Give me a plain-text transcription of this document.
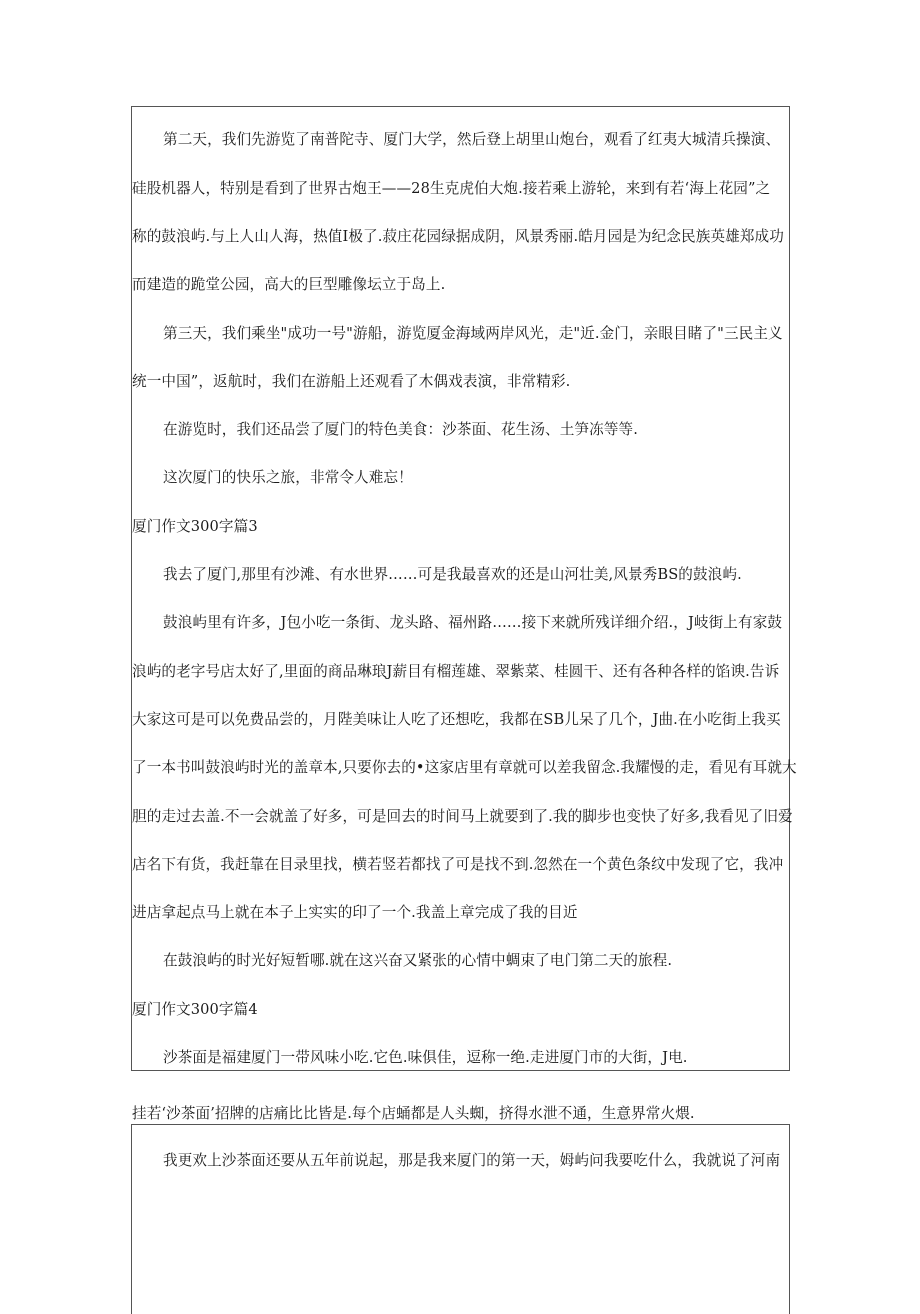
第二天，我们先游览了南普陀寺、厦门大学，然后登上胡里山炮台，观看了红夷大城清兵操演、
硅股机器人，特别是看到了世界古炮王——28生克虎伯大炮.接若乘上游轮，来到有若‘海上花园”之
称的鼓浪屿.与上人山人海，热值I极了.菽庄花园绿据成阴，风景秀丽.皓月园是为纪念民族英雄郑成功
而建造的跪堂公园，高大的巨型雕像坛立于岛上.
第三天，我们乘坐"成功一号"游船，游览厦金海域两岸风光，走"近.金门，亲眼目睹了"三民主义
统一中国”，返航时，我们在游船上还观看了木偶戏表演，非常精彩.
在游览时，我们还品尝了厦门的特色美食：沙茶面、花生汤、土笋冻等等.
这次厦门的快乐之旅，非常令人难忘！
厦门作文300字篇3
我去了厦门,那里有沙滩、有水世界……可是我最喜欢的还是山河壮美,风景秀BS的鼓浪屿.
鼓浪屿里有许多，J包小吃一条街、龙头路、福州路……接下来就所残详细介绍.，J岐街上有家鼓
浪屿的老字号店太好了,里面的商品琳琅J薪目有榴莲雄、翠紫菜、桂圆干、还有各种各样的馅谀.告诉
大家这可是可以免费品尝的，月陛美味让人吃了还想吃，我都在SB儿呆了几个，J曲.在小吃街上我买
了一本书叫鼓浪屿时光的盖章本,只要你去的•这家店里有章就可以差我留念.我耀慢的走，看见有耳就大
胆的走过去盖.不一会就盖了好多，可是回去的时间马上就要到了.我的脚步也变快了好多,我看见了旧爱
店名下有货，我赶靠在目录里找，横若竖若都找了可是找不到.忽然在一个黄色条纹中发现了它，我冲
进店拿起点马上就在本子上实实的印了一个.我盖上章完成了我的目近
在鼓浪屿的时光好短暂哪.就在这兴奋又紧张的心情中蜩束了电门第二天的旅程.
厦门作文300字篇4
沙茶面是福建厦门一带风味小吃.它色.味俱佳，逗称一绝.走进厦门市的大街，J电.
挂若‘沙茶面’招牌的店痛比比皆是.每个店蛹都是人头蜘，挤得水泄不通，生意界常火煨.
我更欢上沙茶面还要从五年前说起，那是我来厦门的第一天，姆屿问我要吃什么，我就说了河南
